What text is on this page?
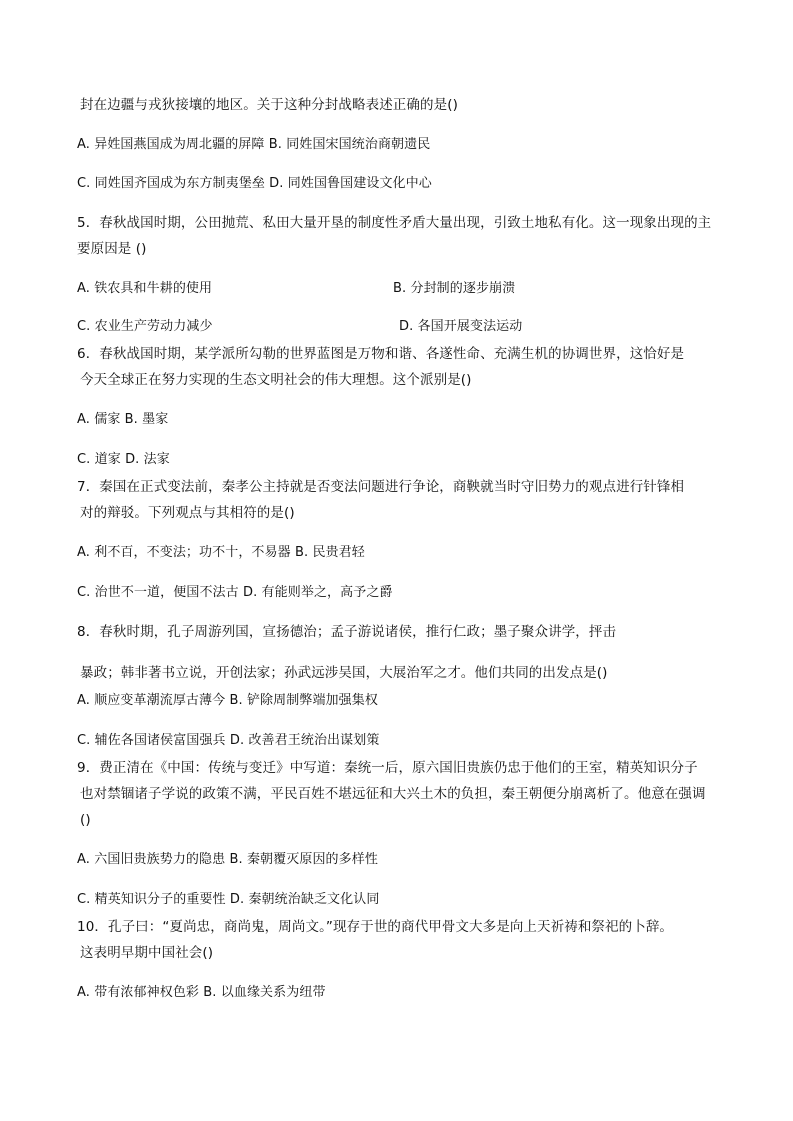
封在边疆与戎狄接壤的地区。关于这种分封战略表述正确的是()
A. 异姓国燕国成为周北疆的屏障 B. 同姓国宋国统治商朝遗民
C. 同姓国齐国成为东方制夷堡垒 D. 同姓国鲁国建设文化中心
5．春秋战国时期，公田抛荒、私田大量开垦的制度性矛盾大量出现，引致土地私有化。这一现象出现的主
要原因是 ()
A. 铁农具和牛耕的使用	B. 分封制的逐步崩溃
C. 农业生产劳动力减少	D. 各国开展变法运动
6．春秋战国时期，某学派所勾勒的世界蓝图是万物和谐、各遂性命、充满生机的协调世界，这恰好是
今天全球正在努力实现的生态文明社会的伟大理想。这个派别是()
A. 儒家 B. 墨家
C. 道家 D. 法家
7．秦国在正式变法前，秦孝公主持就是否变法问题进行争论，商鞅就当时守旧势力的观点进行针锋相
对的辩驳。下列观点与其相符的是()
A. 利不百，不变法；功不十，不易器 B. 民贵君轻
C. 治世不一道，便国不法古 D. 有能则举之，高予之爵
8．春秋时期，孔子周游列国，宣扬德治；孟子游说诸侯，推行仁政；墨子聚众讲学，抨击
暴政；韩非著书立说，开创法家；孙武远涉吴国，大展治军之才。他们共同的出发点是()
A. 顺应变革潮流厚古薄今 B. 铲除周制弊端加强集权
C. 辅佐各国诸侯富国强兵 D. 改善君王统治出谋划策
9．费正清在《中国：传统与变迁》中写道：秦统一后，原六国旧贵族仍忠于他们的王室，精英知识分子
也对禁锢诸子学说的政策不满，平民百姓不堪远征和大兴土木的负担，秦王朝便分崩离析了。他意在强调
()
A. 六国旧贵族势力的隐患 B. 秦朝覆灭原因的多样性
C. 精英知识分子的重要性 D. 秦朝统治缺乏文化认同
10．孔子曰：“夏尚忠，商尚鬼，周尚文。”现存于世的商代甲骨文大多是向上天祈祷和祭祀的卜辞。
这表明早期中国社会()
A. 带有浓郁神权色彩 B. 以血缘关系为纽带
